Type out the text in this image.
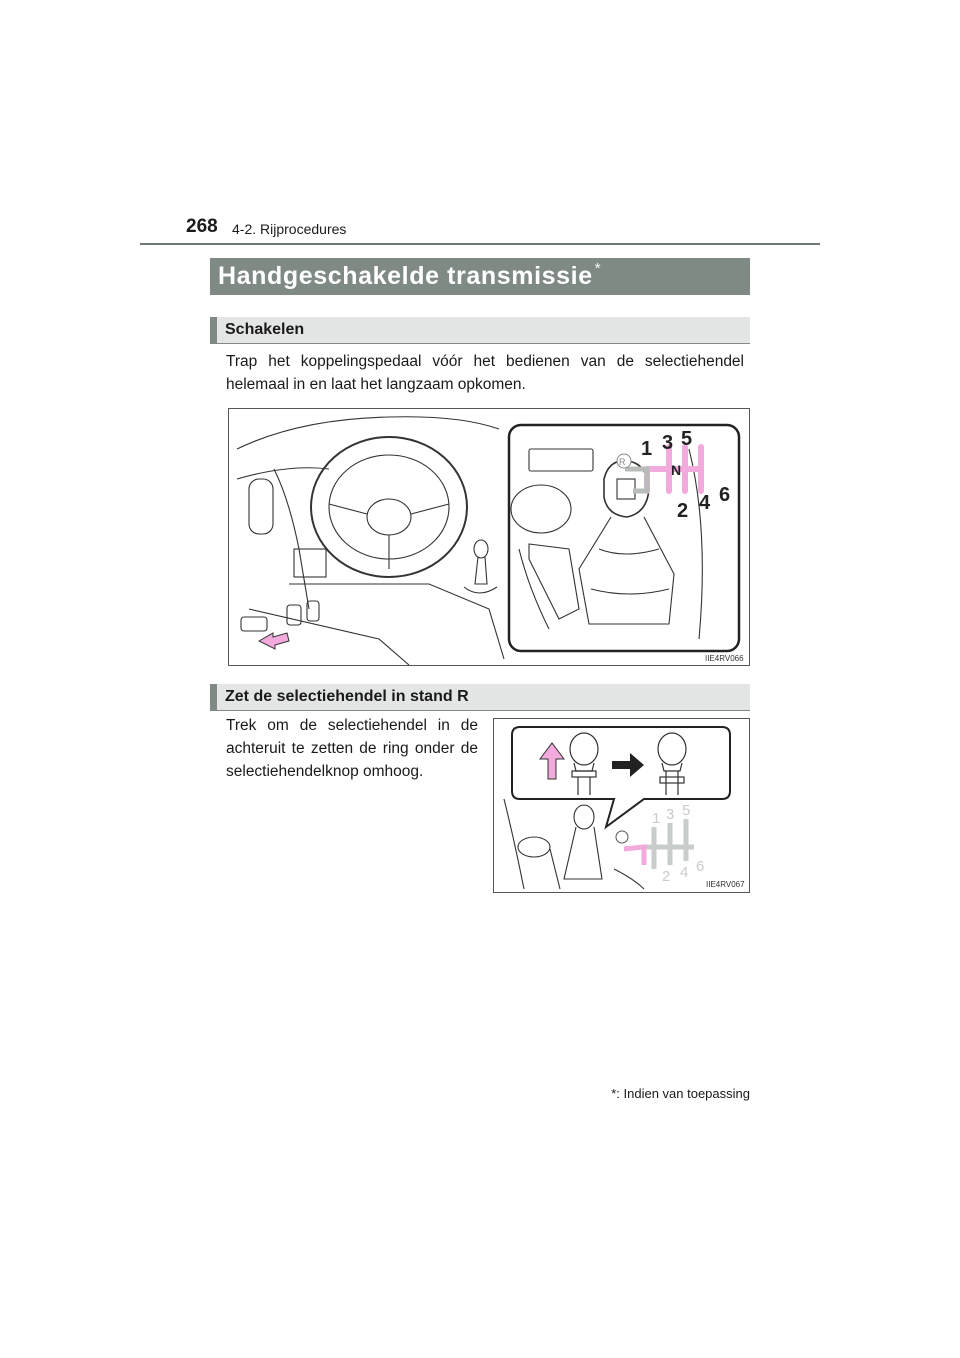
268 4-2. Rijprocedures
Handgeschakelde transmissie*
Schakelen
Trap het koppelingspedaal vóór het bedienen van de selectiehendel helemaal in en laat het langzaam opkomen.
R
1 3 5
N
2 4 6
IIE4RV066
Zet de selectiehendel in stand R
Trek om de selectiehendel in de achteruit te zetten de ring onder de selectiehendelknop omhoog.
1 3 5
2 4 6
IIE4RV067
*: Indien van toepassing
